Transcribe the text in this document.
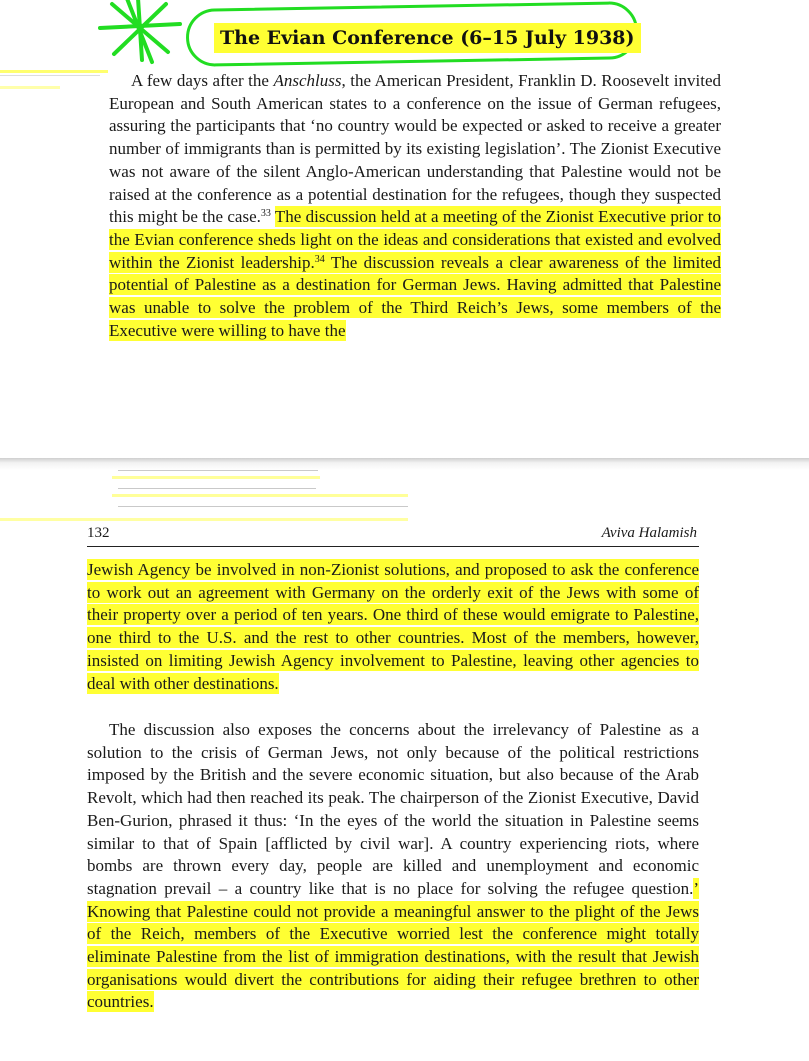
The Evian Conference (6–15 July 1938)

A few days after the Anschluss, the American President, Franklin D. Roosevelt invited European and South American states to a conference on the issue of German refugees, assuring the participants that ‘no country would be expected or asked to receive a greater number of immigrants than is permitted by its existing legislation’. The Zionist Executive was not aware of the silent Anglo-American understanding that Palestine would not be raised at the conference as a potential destination for the refugees, though they suspected this might be the case.$^{33}$ The discussion held at a meeting of the Zionist Executive prior to the Evian conference sheds light on the ideas and considerations that existed and evolved within the Zionist leadership.$^{34}$ The discussion reveals a clear awareness of the limited potential of Palestine as a destination for German Jews. Having admitted that Palestine was unable to solve the problem of the Third Reich’s Jews, some members of the Executive were willing to have the

132	Aviva Halamish

Jewish Agency be involved in non-Zionist solutions, and proposed to ask the conference to work out an agreement with Germany on the orderly exit of the Jews with some of their property over a period of ten years. One third of these would emigrate to Palestine, one third to the U.S. and the rest to other countries. Most of the members, however, insisted on limiting Jewish Agency involvement to Palestine, leaving other agencies to deal with other destinations.

The discussion also exposes the concerns about the irrelevancy of Palestine as a solution to the crisis of German Jews, not only because of the political restrictions imposed by the British and the severe economic situation, but also because of the Arab Revolt, which had then reached its peak. The chairperson of the Zionist Executive, David Ben-Gurion, phrased it thus: ‘In the eyes of the world the situation in Palestine seems similar to that of Spain [afflicted by civil war]. A country experiencing riots, where bombs are thrown every day, people are killed and unemployment and economic stagnation prevail – a country like that is no place for solving the refugee question.’ Knowing that Palestine could not provide a meaningful answer to the plight of the Jews of the Reich, members of the Executive worried lest the conference might totally eliminate Palestine from the list of immigration destinations, with the result that Jewish organisations would divert the contributions for aiding their refugee brethren to other countries.
